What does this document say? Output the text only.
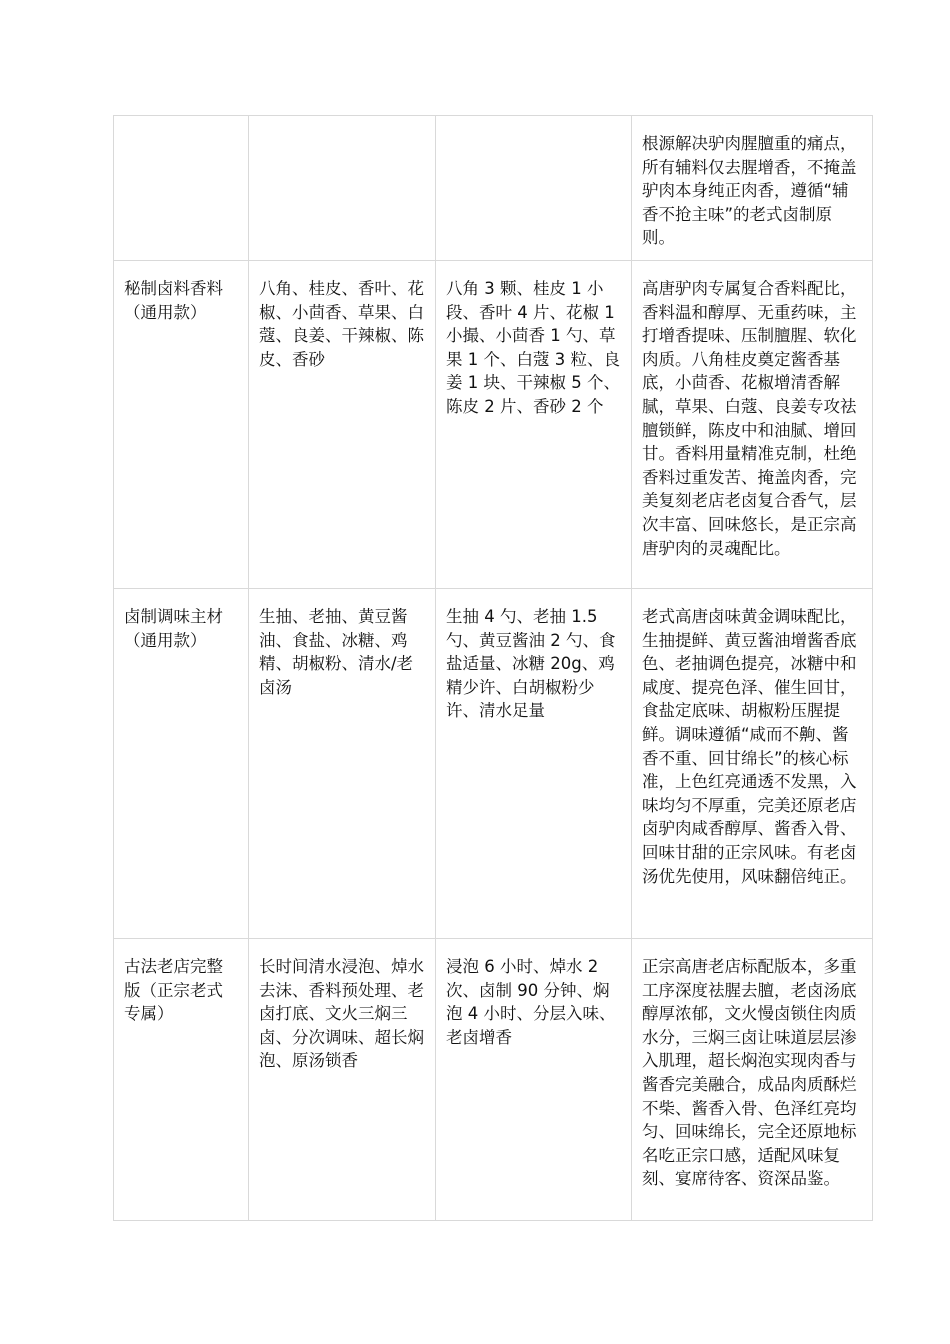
			根源解决驴肉腥膻重的痛点，所有辅料仅去腥增香，不掩盖驴肉本身纯正肉香，遵循“辅香不抢主味”的老式卤制原则。
秘制卤料香料（通用款）	八角、桂皮、香叶、花椒、小茴香、草果、白蔻、良姜、干辣椒、陈皮、香砂	八角 3 颗、桂皮 1 小段、香叶 4 片、花椒 1 小撮、小茴香 1 勺、草果 1 个、白蔻 3 粒、良姜 1 块、干辣椒 5 个、陈皮 2 片、香砂 2 个	高唐驴肉专属复合香料配比，香料温和醇厚、无重药味，主打增香提味、压制膻腥、软化肉质。八角桂皮奠定酱香基底，小茴香、花椒增清香解腻，草果、白蔻、良姜专攻祛膻锁鲜，陈皮中和油腻、增回甘。香料用量精准克制，杜绝香料过重发苦、掩盖肉香，完美复刻老店老卤复合香气，层次丰富、回味悠长，是正宗高唐驴肉的灵魂配比。
卤制调味主材（通用款）	生抽、老抽、黄豆酱油、食盐、冰糖、鸡精、胡椒粉、清水/老卤汤	生抽 4 勺、老抽 1.5 勺、黄豆酱油 2 勺、食盐适量、冰糖 20g、鸡精少许、白胡椒粉少许、清水足量	老式高唐卤味黄金调味配比，生抽提鲜、黄豆酱油增酱香底色、老抽调色提亮，冰糖中和咸度、提亮色泽、催生回甘，食盐定底味、胡椒粉压腥提鲜。调味遵循“咸而不齁、酱香不重、回甘绵长”的核心标准，上色红亮通透不发黑，入味均匀不厚重，完美还原老店卤驴肉咸香醇厚、酱香入骨、回味甘甜的正宗风味。有老卤汤优先使用，风味翻倍纯正。
古法老店完整版（正宗老式专属）	长时间清水浸泡、焯水去沫、香料预处理、老卤打底、文火三焖三卤、分次调味、超长焖泡、原汤锁香	浸泡 6 小时、焯水 2 次、卤制 90 分钟、焖泡 4 小时、分层入味、老卤增香	正宗高唐老店标配版本，多重工序深度祛腥去膻，老卤汤底醇厚浓郁，文火慢卤锁住肉质水分，三焖三卤让味道层层渗入肌理，超长焖泡实现肉香与酱香完美融合，成品肉质酥烂不柴、酱香入骨、色泽红亮均匀、回味绵长，完全还原地标名吃正宗口感，适配风味复刻、宴席待客、资深品鉴。
